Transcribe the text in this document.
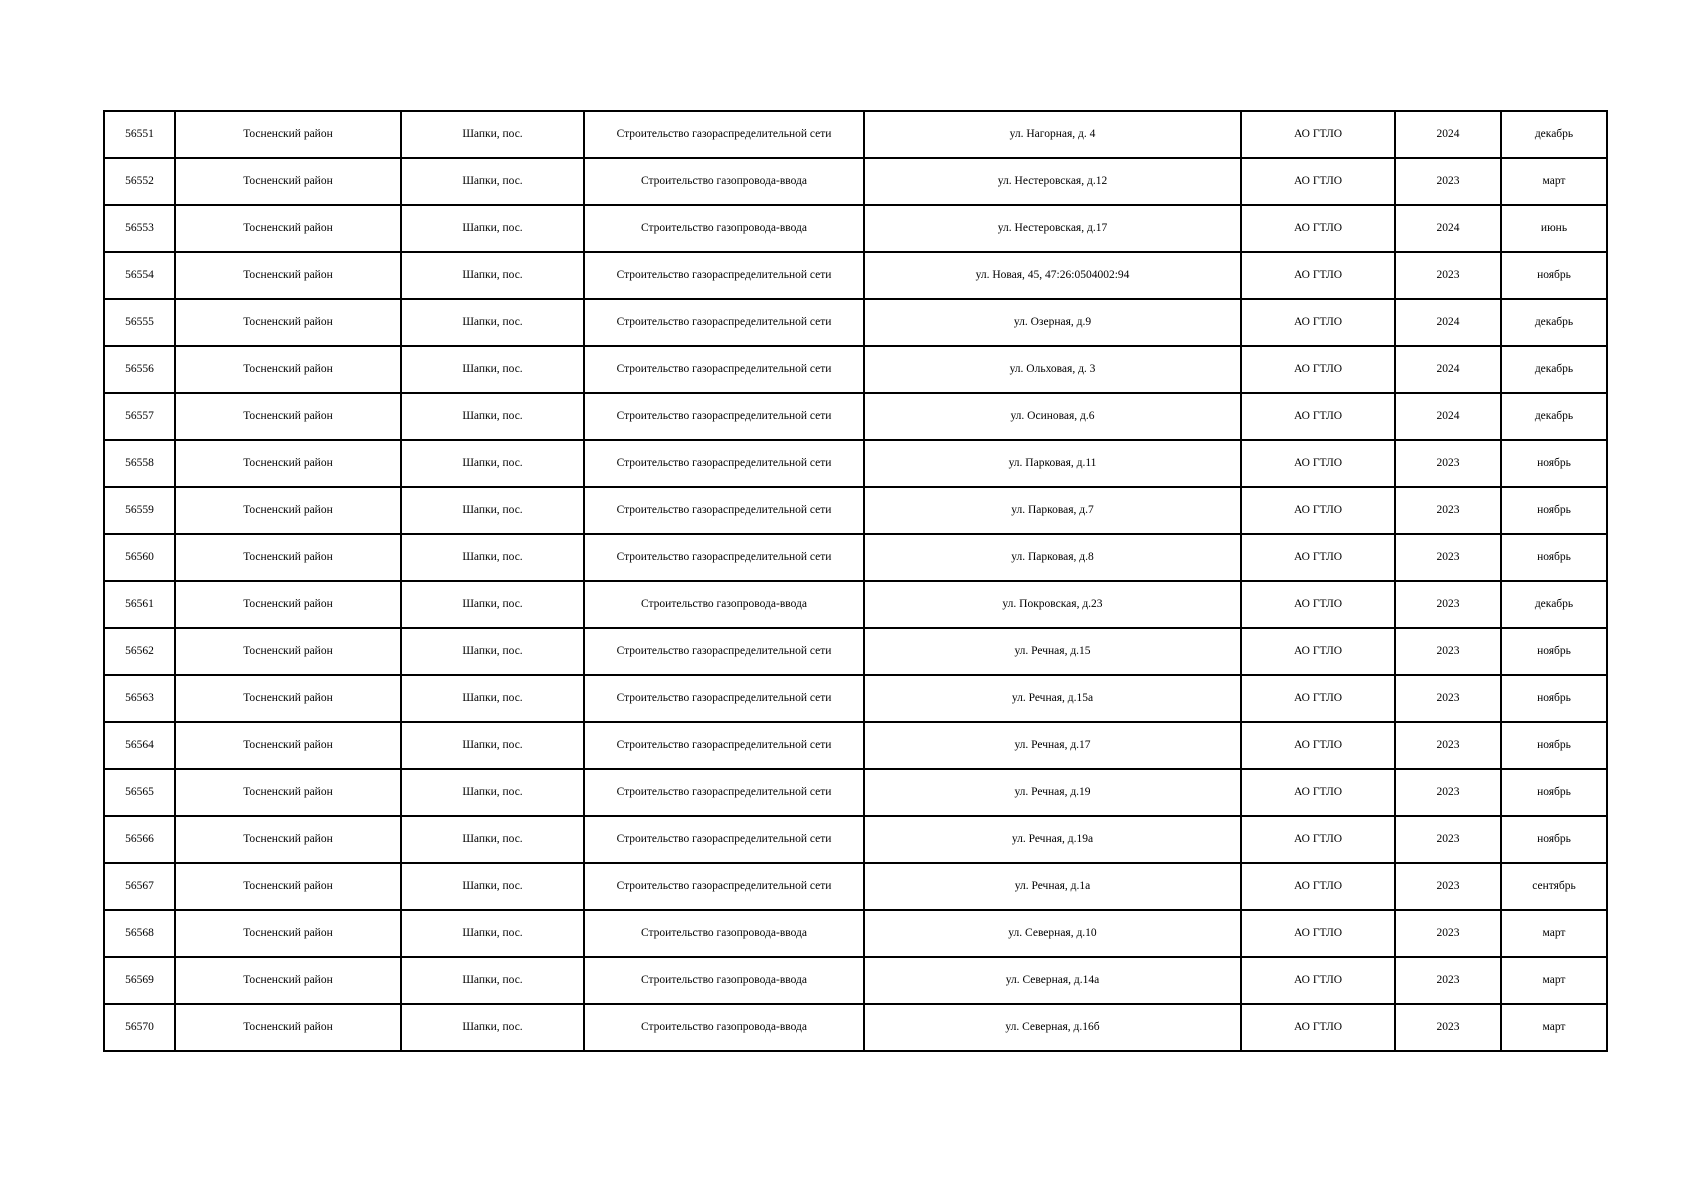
56551	Тосненский район	Шапки, пос.	Строительство газораспределительной сети	ул. Нагорная, д. 4	АО ГТЛО	2024	декабрь
56552	Тосненский район	Шапки, пос.	Строительство газопровода-ввода	ул. Нестеровская, д.12	АО ГТЛО	2023	март
56553	Тосненский район	Шапки, пос.	Строительство газопровода-ввода	ул. Нестеровская, д.17	АО ГТЛО	2024	июнь
56554	Тосненский район	Шапки, пос.	Строительство газораспределительной сети	ул. Новая, 45, 47:26:0504002:94	АО ГТЛО	2023	ноябрь
56555	Тосненский район	Шапки, пос.	Строительство газораспределительной сети	ул. Озерная, д.9	АО ГТЛО	2024	декабрь
56556	Тосненский район	Шапки, пос.	Строительство газораспределительной сети	ул. Ольховая, д. 3	АО ГТЛО	2024	декабрь
56557	Тосненский район	Шапки, пос.	Строительство газораспределительной сети	ул. Осиновая, д.6	АО ГТЛО	2024	декабрь
56558	Тосненский район	Шапки, пос.	Строительство газораспределительной сети	ул. Парковая, д.11	АО ГТЛО	2023	ноябрь
56559	Тосненский район	Шапки, пос.	Строительство газораспределительной сети	ул. Парковая, д.7	АО ГТЛО	2023	ноябрь
56560	Тосненский район	Шапки, пос.	Строительство газораспределительной сети	ул. Парковая, д.8	АО ГТЛО	2023	ноябрь
56561	Тосненский район	Шапки, пос.	Строительство газопровода-ввода	ул. Покровская, д.23	АО ГТЛО	2023	декабрь
56562	Тосненский район	Шапки, пос.	Строительство газораспределительной сети	ул. Речная, д.15	АО ГТЛО	2023	ноябрь
56563	Тосненский район	Шапки, пос.	Строительство газораспределительной сети	ул. Речная, д.15а	АО ГТЛО	2023	ноябрь
56564	Тосненский район	Шапки, пос.	Строительство газораспределительной сети	ул. Речная, д.17	АО ГТЛО	2023	ноябрь
56565	Тосненский район	Шапки, пос.	Строительство газораспределительной сети	ул. Речная, д.19	АО ГТЛО	2023	ноябрь
56566	Тосненский район	Шапки, пос.	Строительство газораспределительной сети	ул. Речная, д.19а	АО ГТЛО	2023	ноябрь
56567	Тосненский район	Шапки, пос.	Строительство газораспределительной сети	ул. Речная, д.1а	АО ГТЛО	2023	сентябрь
56568	Тосненский район	Шапки, пос.	Строительство газопровода-ввода	ул. Северная, д.10	АО ГТЛО	2023	март
56569	Тосненский район	Шапки, пос.	Строительство газопровода-ввода	ул. Северная, д.14а	АО ГТЛО	2023	март
56570	Тосненский район	Шапки, пос.	Строительство газопровода-ввода	ул. Северная, д.16б	АО ГТЛО	2023	март
